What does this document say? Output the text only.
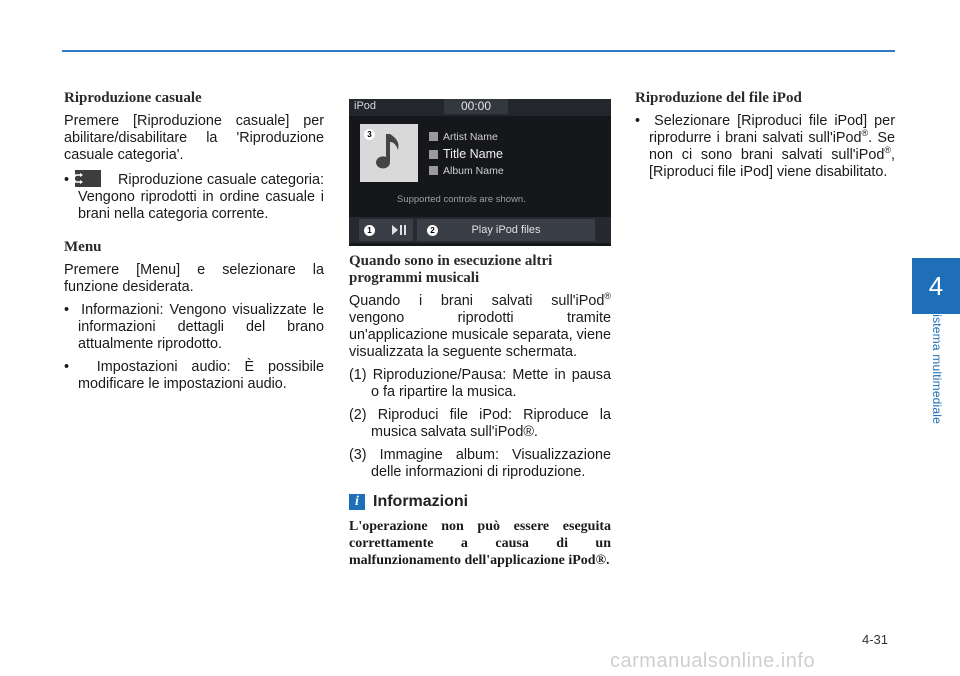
4
Sistema multimediale
Riproduzione casuale

Premere [Riproduzione casuale] per abilitare/disabilitare la 'Riproduzione casuale categoria'.

Riproduzione casuale categoria: Vengono riprodotti in ordine casuale i brani nella categoria corrente.
Menu

Premere [Menu] e selezionare la funzione desiderata.

•  Informazioni: Vengono visualizzate le informazioni dettagli del brano attualmente riprodotto.
•  Impostazioni audio: È possibile modificare le impostazioni audio.
iPod	00:00
3	Artist Name
Title Name
Album Name
Supported controls are shown.
1	Play iPod files
2
Quando sono in esecuzione altri programmi musicali

Quando i brani salvati sull'iPod® vengono riprodotti tramite un'applicazione musicale separata, viene visualizzata la seguente schermata.

(1) Riproduzione/Pausa: Mette in pausa o fa ripartire la musica.
(2) Riproduci file iPod: Riproduce la musica salvata sull'iPod®.
(3) Immagine album: Visualizzazione delle informazioni di riproduzione.
i Informazioni

L'operazione non può essere eseguita correttamente a causa di un malfunzionamento dell'applicazione iPod®.

Riproduzione del file iPod
•  Selezionare [Riproduci file iPod] per riprodurre i brani salvati sull'iPod®. Se non ci sono brani salvati sull'iPod®, [Riproduci file iPod] viene disabilitato.
4-31
carmanualsonline.info
